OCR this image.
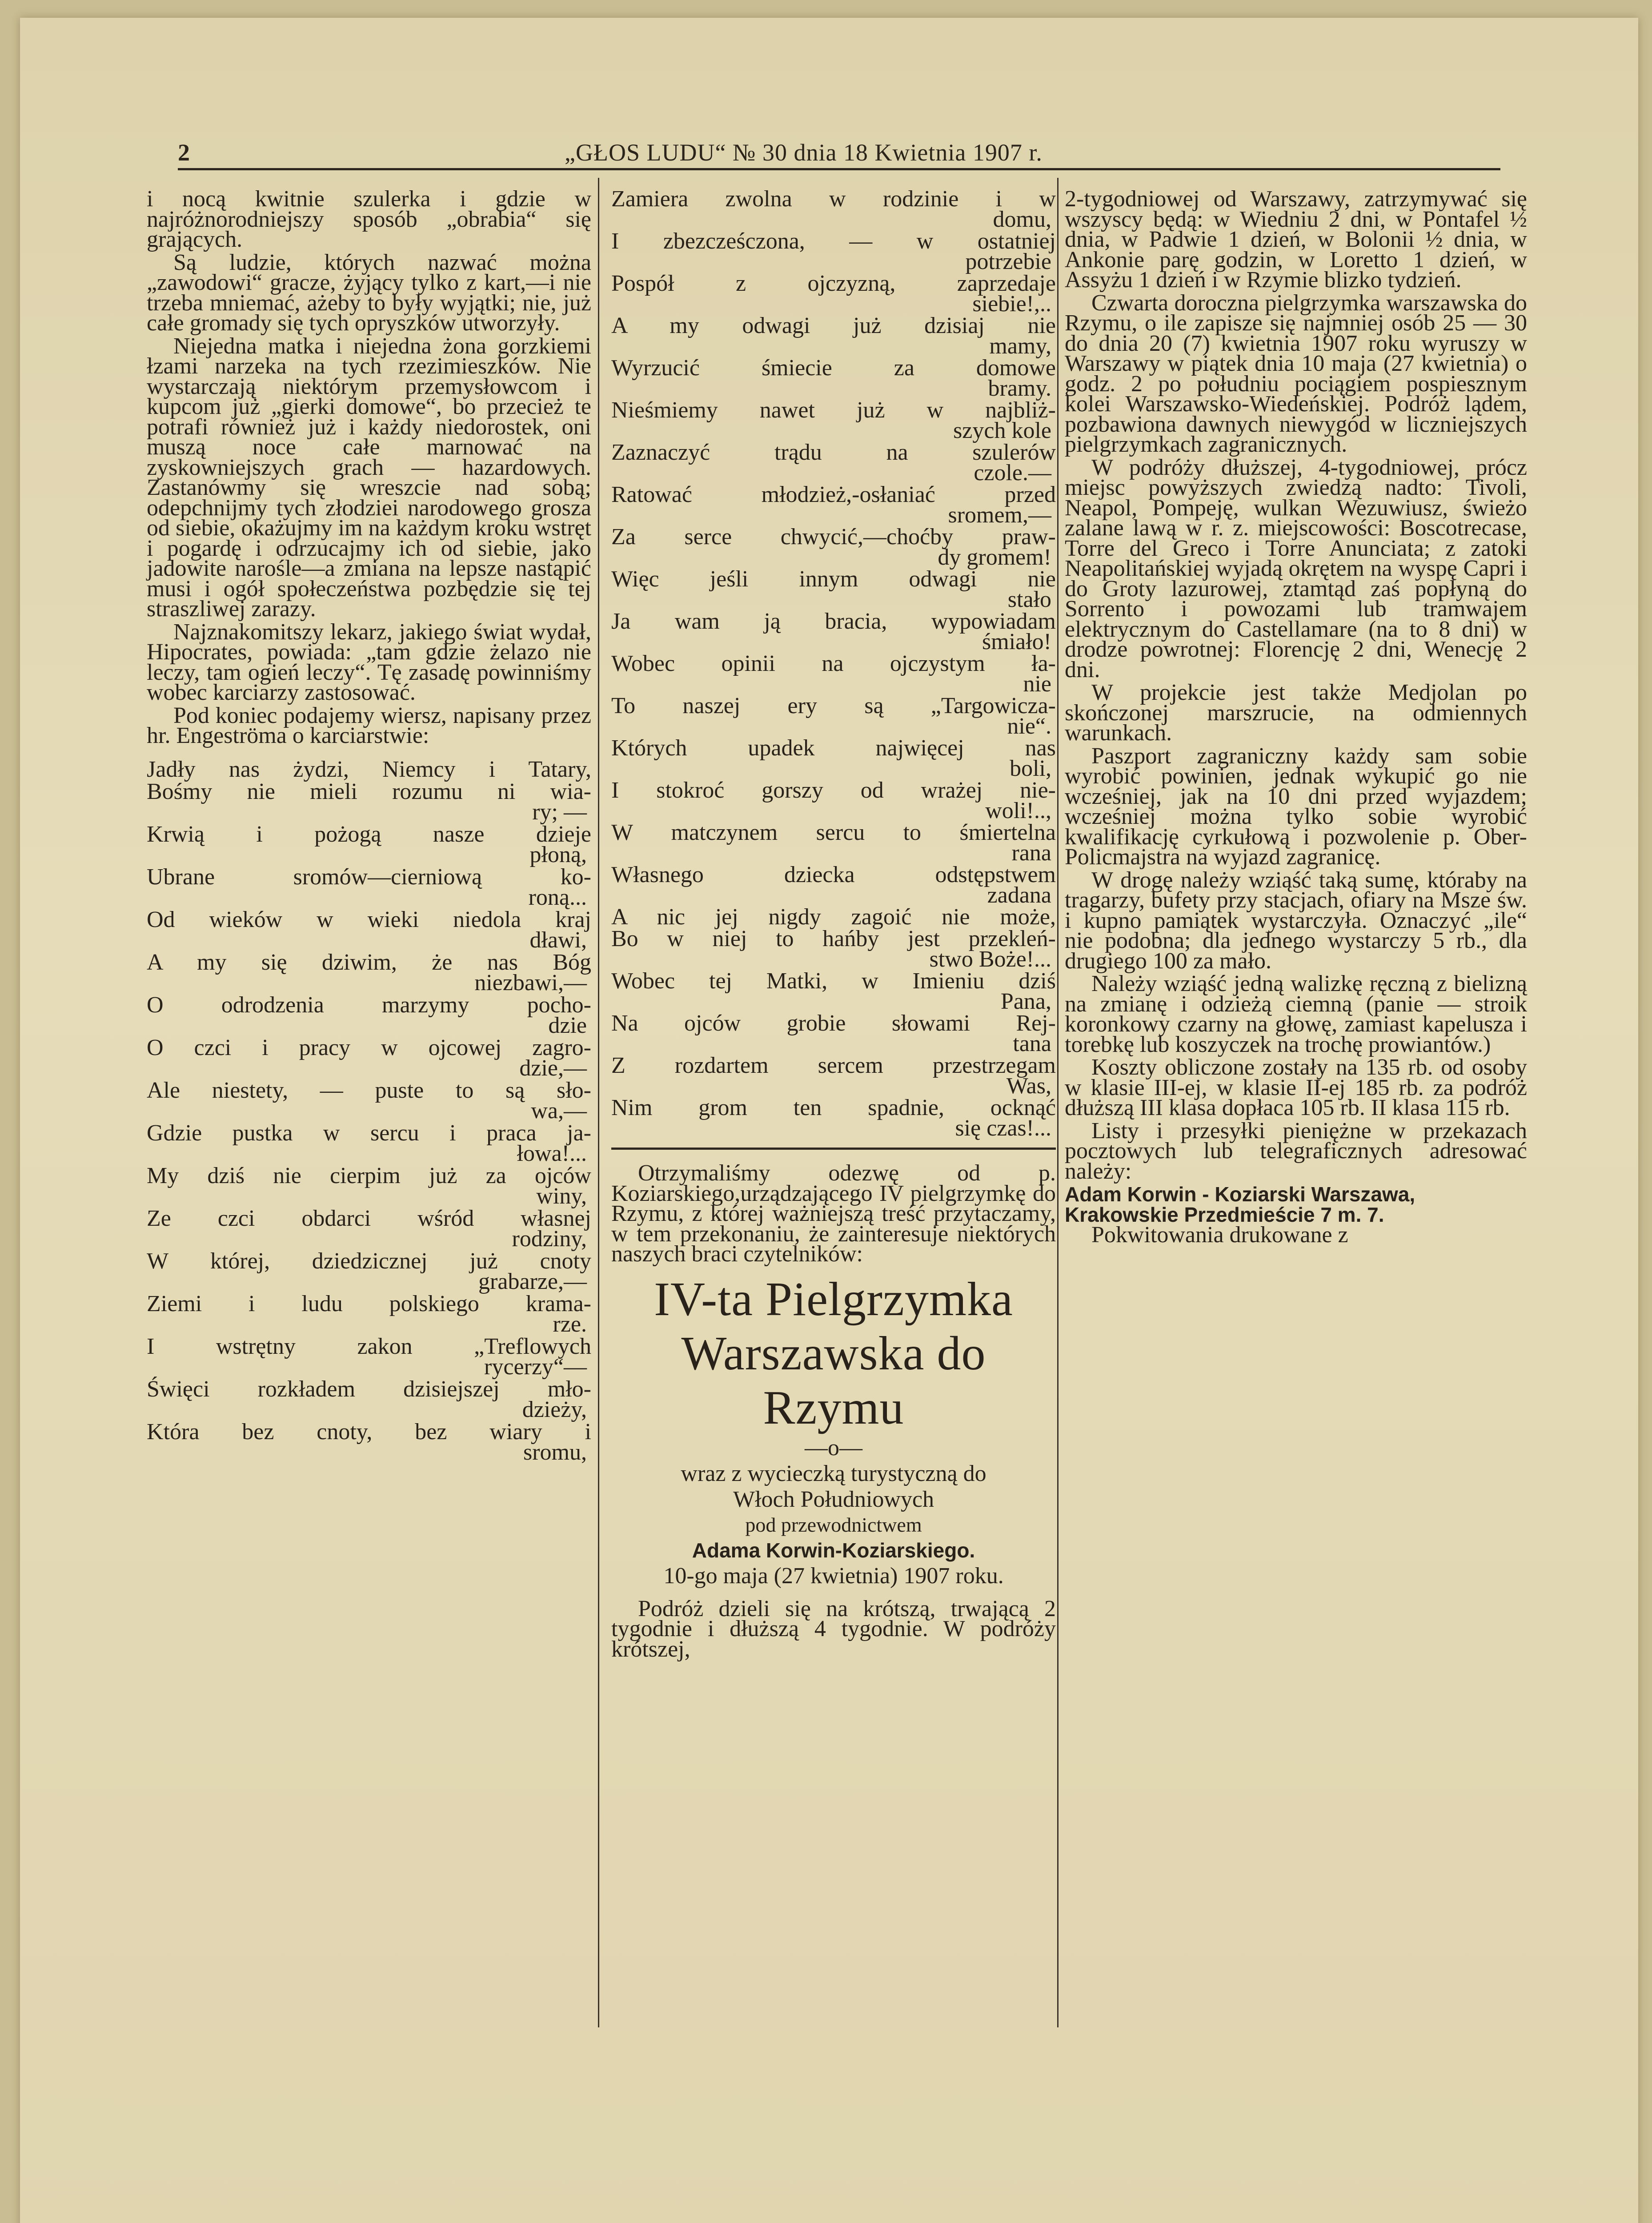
2	„GŁOS LUDU“ № 30 dnia 18 Kwietnia 1907 r.

i nocą kwitnie szulerka i gdzie w najróżnorodniejszy sposób „obrabia“ się grających.

Są ludzie, których nazwać można „zawodowi“ gracze, żyjący tylko z kart,—i nie trzeba mniemać, ażeby to były wyjątki; nie, już całe gromady się tych opryszków utworzyły.

Niejedna matka i niejedna żona gorzkiemi łzami narzeka na tych rzezimieszków. Nie wystarczają niektórym przemysłowcom i kupcom już „gierki domowe“, bo przecież te potrafi również już i każdy niedorostek, oni muszą noce całe marnować na zyskowniejszych grach — hazardowych. Zastanówmy się wreszcie nad sobą; odepchnijmy tych złodziei narodowego grosza od siebie, okażujmy im na każdym kroku wstręt i pogardę i odrzucajmy ich od siebie, jako jadowite narośle—a zmiana na lepsze nastąpić musi i ogół społeczeństwa pozbędzie się tej straszliwej zarazy.

Najznakomitszy lekarz, jakiego świat wydał, Hipocrates, powiada: „tam gdzie żelazo nie leczy, tam ogień leczy“. Tę zasadę powinniśmy wobec karciarzy zastosować.

Pod koniec podajemy wiersz, napisany przez hr. Engeströma o karciarstwie:

Jadły nas żydzi, Niemcy i Tatary,
Bośmy nie mieli rozumu ni wia-
ry; —
Krwią i pożogą nasze dzieje
płoną,
Ubrane sromów—cierniową ko-
roną...
Od wieków w wieki niedola kraj
dławi,
A my się dziwim, że nas Bóg
niezbawi,—
O odrodzenia marzymy pocho-
dzie
O czci i pracy w ojcowej zagro-
dzie,—
Ale niestety, — puste to są sło-
wa,—
Gdzie pustka w sercu i praca ja-
łowa!...
My dziś nie cierpim już za ojców
winy,
Ze czci obdarci wśród własnej
rodziny,
W której, dziedzicznej już cnoty
grabarze,—
Ziemi i ludu polskiego krama-
rze.
I wstrętny zakon „Treflowych
rycerzy“—
Święci rozkładem dzisiejszej mło-
dzieży,
Która bez cnoty, bez wiary i
sromu,
Zamiera zwolna w rodzinie i w
domu,
I zbezcześczona, — w ostatniej
potrzebie
Pospół z ojczyzną, zaprzedaje
siebie!,..
A my odwagi już dzisiaj nie
mamy,
Wyrzucić śmiecie za domowe
bramy.
Nieśmiemy nawet już w najbliż-
szych kole
Zaznaczyć trądu na szulerów
czole.—
Ratować młodzież,-osłaniać przed
sromem,—
Za serce chwycić,—choćby praw-
dy gromem!
Więc jeśli innym odwagi nie
stało
Ja wam ją bracia, wypowiadam
śmiało!
Wobec opinii na ojczystym ła-
nie
To naszej ery są „Targowicza-
nie“.
Których upadek najwięcej nas
boli,
I stokroć gorszy od wrażej nie-
woli!..,
W matczynem sercu to śmiertelna
rana
Własnego dziecka odstępstwem
zadana
A nic jej nigdy zagoić nie może,
Bo w niej to hańby jest przekleń-
stwo Boże!...
Wobec tej Matki, w Imieniu dziś
Pana,
Na ojców grobie słowami Rej-
tana
Z rozdartem sercem przestrzegam
Was,
Nim grom ten spadnie, ocknąć
się czas!...

Otrzymaliśmy odezwę od p. Koziarskiego,urządzającego IV pielgrzymkę do Rzymu, z której ważniejszą treść przytaczamy, w tem przekonaniu, że zainteresuje niektórych naszych braci czytelników:

IV-ta Pielgrzymka
Warszawska do Rzymu
—o—
wraz z wycieczką turystyczną do
Włoch Południowych
pod przewodnictwem
Adama Korwin-Koziarskiego.
10-go maja (27 kwietnia) 1907 roku.

Podróż dzieli się na krótszą, trwającą 2 tygodnie i dłuższą 4 tygodnie. W podróży krótszej,

2-tygodniowej od Warszawy, zatrzymywać się wszyscy będą: w Wiedniu 2 dni, w Pontafel ½ dnia, w Padwie 1 dzień, w Bolonii ½ dnia, w Ankonie parę godzin, w Loretto 1 dzień, w Assyżu 1 dzień i w Rzymie blizko tydzień.

Czwarta doroczna pielgrzymka warszawska do Rzymu, o ile zapisze się najmniej osób 25 — 30 do dnia 20 (7) kwietnia 1907 roku wyruszy w Warszawy w piątek dnia 10 maja (27 kwietnia) o godz. 2 po południu pociągiem pospiesznym kolei Warszawsko-Wiedeńskiej. Podróż lądem, pozbawiona dawnych niewygód w liczniejszych pielgrzymkach zagranicznych.

W podróży dłuższej, 4-tygodniowej, prócz miejsc powyższych zwiedzą nadto: Tivoli, Neapol, Pompeję, wulkan Wezuwiusz, świeżo zalane lawą w r. z. miejscowości: Boscotrecase, Torre del Greco i Torre Anunciata; z zatoki Neapolitańskiej wyjadą okrętem na wyspę Capri i do Groty lazurowej, ztamtąd zaś popłyną do Sorrento i powozami lub tramwajem elektrycznym do Castellamare (na to 8 dni) w drodze powrotnej: Florencję 2 dni, Wenecję 2 dni.

W projekcie jest także Medjolan po skończonej marszrucie, na odmiennych warunkach.

Paszport zagraniczny każdy sam sobie wyrobić powinien, jednak wykupić go nie wcześniej, jak na 10 dni przed wyjazdem; wcześniej można tylko sobie wyrobić kwalifikację cyrkułową i pozwolenie p. Ober-Policmajstra na wyjazd zagranicę.

W drogę należy wziąść taką sumę, któraby na tragarzy, bufety przy stacjach, ofiary na Msze św. i kupno pamiątek wystarczyła. Oznaczyć „ile“ nie podobna; dla jednego wystarczy 5 rb., dla drugiego 100 za mało.

Należy wziąść jedną walizkę ręczną z bielizną na zmianę i odzieżą ciemną (panie — stroik koronkowy czarny na głowę, zamiast kapelusza i torebkę lub koszyczek na trochę prowiantów.)

Koszty obliczone zostały na 135 rb. od osoby w klasie III-ej, w klasie II-ej 185 rb. za podróż dłuższą III klasa dopłaca 105 rb. II klasa 115 rb.

Listy i przesyłki pieniężne w przekazach pocztowych lub telegraficznych adresować należy:

Adam Korwin - Koziarski Warszawa,
Krakowskie Przedmieście 7 m. 7.

Pokwitowania drukowane z
